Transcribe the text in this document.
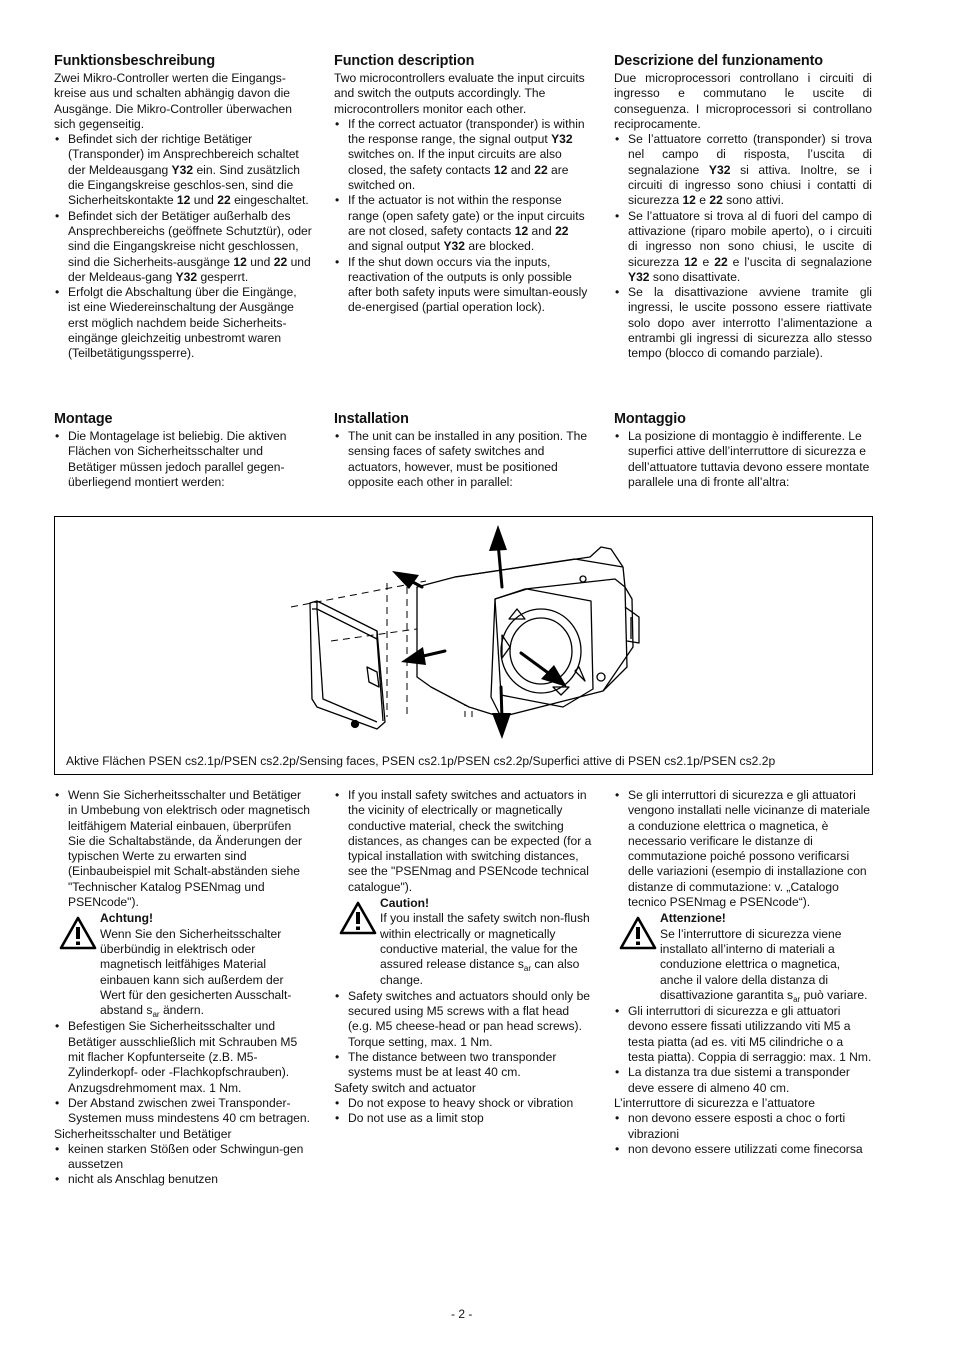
Funktionsbeschreibung

Zwei Mikro-Controller werten die Eingangs-kreise aus und schalten abhängig davon die Ausgänge. Die Mikro-Controller überwachen sich gegenseitig.

• Befindet sich der richtige Betätiger (Transponder) im Ansprechbereich schaltet der Meldeausgang Y32 ein. Sind zusätzlich die Eingangskreise geschlos-sen, sind die Sicherheitskontakte 12 und 22 eingeschaltet.
• Befindet sich der Betätiger außerhalb des Ansprechbereichs (geöffnete Schutztür), oder sind die Eingangskreise nicht geschlossen, sind die Sicherheits-ausgänge 12 und 22 und der Meldeaus-gang Y32 gesperrt.
• Erfolgt die Abschaltung über die Eingänge, ist eine Wiedereinschaltung der Ausgänge erst möglich nachdem beide Sicherheits-eingänge gleichzeitig unbestromt waren (Teilbetätigungssperre).
Function description

Two microcontrollers evaluate the input circuits and switch the outputs accordingly. The microcontrollers monitor each other.

• If the correct actuator (transponder) is within the response range, the signal output Y32 switches on. If the input circuits are also closed, the safety contacts 12 and 22 are switched on.
• If the actuator is not within the response range (open safety gate) or the input circuits are not closed, safety contacts 12 and 22 and signal output Y32 are blocked.
• If the shut down occurs via the inputs, reactivation of the outputs is only possible after both safety inputs were simultan-eously de-energised (partial operation lock).
Descrizione del funzionamento

Due microprocessori controllano i circuiti di ingresso e commutano le uscite di conseguenza. I microprocessori si controllano reciprocamente.

• Se l’attuatore corretto (transponder) si trova nel campo di risposta, l’uscita di segnalazione Y32 si attiva. Inoltre, se i circuiti di ingresso sono chiusi i contatti di sicurezza 12 e 22 sono attivi.
• Se l’attuatore si trova al di fuori del campo di attivazione (riparo mobile aperto), o i circuiti di ingresso non sono chiusi, le uscite di sicurezza 12 e 22 e l’uscita di segnalazione Y32 sono disattivate.
• Se la disattivazione avviene tramite gli ingressi, le uscite possono essere riattivate solo dopo aver interrotto l’alimentazione a entrambi gli ingressi di sicurezza allo stesso tempo (blocco di comando parziale).
Montage
• Die Montagelage ist beliebig. Die aktiven Flächen von Sicherheitsschalter und Betätiger müssen jedoch parallel gegen-überliegend montiert werden:
Installation
• The unit can be installed in any position. The sensing faces of safety switches and actuators, however, must be positioned opposite each other in parallel:
Montaggio
• La posizione di montaggio è indifferente. Le superfici attive dell’interruttore di sicurezza e dell’attuatore tuttavia devono essere montate parallele una di fronte all’altra:
Aktive Flächen PSEN cs2.1p/PSEN cs2.2p/Sensing faces, PSEN cs2.1p/PSEN cs2.2p/Superfici attive di PSEN cs2.1p/PSEN cs2.2p
• Wenn Sie Sicherheitsschalter und Betätiger in Umbebung von elektrisch oder magnetisch leitfähigem Material einbauen, überprüfen Sie die Schaltabstände, da Änderungen der typischen Werte zu erwarten sind (Einbaubeispiel mit Schalt-abständen siehe "Technischer Katalog PSENmag und PSENcode").
Achtung!
Wenn Sie den Sicherheitsschalter überbündig in elektrisch oder magnetisch leitfähiges Material einbauen kann sich außerdem der Wert für den gesicherten Ausschalt-abstand $s_{ar}$ ändern.
• Befestigen Sie Sicherheitsschalter und Betätiger ausschließlich mit Schrauben M5 mit flacher Kopfunterseite (z.B. M5-Zylinderkopf- oder -Flachkopfschrauben). Anzugsdrehmoment max. 1 Nm.
• Der Abstand zwischen zwei Transponder-Systemen muss mindestens 40 cm betragen.

Sicherheitsschalter und Betätiger

• keinen starken Stößen oder Schwingun-gen aussetzen
• nicht als Anschlag benutzen
• If you install safety switches and actuators in the vicinity of electrically or magnetically conductive material, check the switching distances, as changes can be expected (for a typical installation with switching distances, see the "PSENmag and PSENcode technical catalogue").
Caution!
If you install the safety switch non-flush within electrically or magnetically conductive material, the value for the assured release distance $s_{ar}$ can also change.
• Safety switches and actuators should only be secured using M5 screws with a flat head (e.g. M5 cheese-head or pan head screws). Torque setting, max. 1 Nm.
• The distance between two transponder systems must be at least 40 cm.

Safety switch and actuator

• Do not expose to heavy shock or vibration
• Do not use as a limit stop
• Se gli interruttori di sicurezza e gli attuatori vengono installati nelle vicinanze di materiale a conduzione elettrica o magnetica, è necessario verificare le distanze di commutazione poiché possono verificarsi delle variazioni (esempio di installazione con distanze di commutazione: v. „Catalogo tecnico PSENmag e PSENcode“).
Attenzione!
Se l’interruttore di sicurezza viene installato all’interno di materiali a conduzione elettrica o magnetica, anche il valore della distanza di disattivazione garantita $s_{ar}$ può variare.
• Gli interruttori di sicurezza e gli attuatori devono essere fissati utilizzando viti M5 a testa piatta (ad es. viti M5 cilindriche o a testa piatta). Coppia di serraggio: max. 1 Nm.
• La distanza tra due sistemi a transponder deve essere di almeno 40 cm.

L’interruttore di sicurezza e l’attuatore

• non devono essere esposti a choc o forti vibrazioni
• non devono essere utilizzati come finecorsa
- 2 -
